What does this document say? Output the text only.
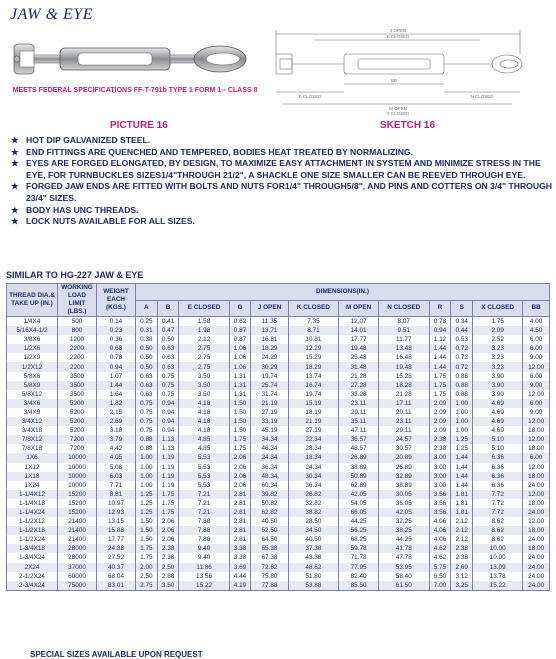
JAW & EYE
MEETS FEDERAL SPECIFICATIONS FF-T-791b TYPE 1 FORM 1-- CLASS 8
J OPEN
K CLOSED
BB
E CLOSED	N CLOSED
M OPEN
X CLOSED
PICTURE 16	SKETCH 16
★ HOT DIP GALVANIZED STEEL.
★ END FITTINGS ARE QUENCHED AND TEMPERED, BODIES HEAT TREATED BY NORMALIZING.
★ EYES ARE FORGED ELONGATED, BY DESIGN, TO MAXIMIZE EASY ATTACHMENT IN SYSTEM AND MINIMIZE STRESS IN THE EYE, FOR TURNBUCKLES SIZES1/4"THROUGH 21/2", A SHACKLE ONE SIZE SMALLER CAN BE REEVED THROUGH EYE.
★ FORGED JAW ENDS ARE FITTED WITH BOLTS AND NUTS FOR1/4" THROUGH5/8", AND PINS AND COTTERS ON 3/4" THROUGH 23/4" SIZES.
★ BODY HAS UNC THREADS.
★ LOCK NUTS AVAILABLE FOR ALL SIZES.
SIMILAR TO HG-227 JAW & EYE
THREAD DIA.& TAKE UP (IN.)	WORKING LOAD LIMIT (LBS.)	WEIGHT EACH (KGS.)	DIMENSIONS(IN.)											
			A	B	E CLOSED	G	J OPEN	K CLOSED	M OPEN	N CLOSED	R	S	X CLOSED	BB
1/4X4	500	0.14	0.25	0.41	1.58	0.62	11.35	7.35	12.07	8.07	0.78	0.34	1.75	4.00
5/16X4-1/2	800	0.23	0.31	0.47	1.98	0.87	13.71	8.71	14.01	9.51	0.94	0.44	2.09	4.50
3/8X6	1200	0.36	0.38	0.50	2.12	0.87	16.81	10.81	17.77	11.77	1.12	0.53	2.52	6.00
1/2X6	2200	0.68	0.50	0.63	2.75	1.06	18.29	12.29	19.48	13.48	1.44	0.72	3.23	6.00
1/2X9	2200	0.78	0.50	0.63	2.75	1.06	24.29	15.29	25.48	16.48	1.44	0.72	3.23	9.00
1/2X12	2200	0.94	0.50	0.63	2.75	1.06	30.29	18.29	31.48	19.48	1.44	0.72	3.23	12.00
5/8X6	3500	1.07	0.63	0.75	3.50	1.31	19.74	13.74	21.28	15.28	1.75	0.88	3.90	6.00
5/8X9	3500	1.44	0.63	0.75	3.50	1.31	25.74	16.74	27.28	18.28	1.75	0.88	3.90	9.00
5/8X12	3500	1.64	0.63	0.75	3.50	1.31	31.74	19.74	33.28	21.28	1.75	0.88	3.90	12.00
3/4X6	5200	1.82	0.75	0.94	4.18	1.50	21.19	15.19	23.11	17.11	2.09	1.00	4.69	6.00
3/4X9	5200	2.15	0.75	0.94	4.18	1.50	27.19	18.19	29.11	20.11	2.09	1.00	4.69	9.00
3/4X12	5200	2.69	0.75	0.94	4.18	1.50	33.19	21.19	35.11	23.11	2.09	1.00	4.69	12.00
3/4X18	5200	3.18	0.75	0.94	4.18	1.50	45.19	27.19	47.11	29.11	2.09	1.00	4.69	18.00
7/8X12	7200	3.79	0.88	1.13	4.85	1.75	34.34	22.34	36.57	24.57	2.38	1.25	5.10	12.00
7/8X18	7200	4.42	0.88	1.13	4.85	1.75	46.34	28.34	48.57	30.57	2.38	1.25	5.10	18.00
1X6	10000	4.05	1.00	1.19	5.53	2.06	24.34	18.34	26.89	20.89	3.00	1.44	6.36	6.00
1X12	10000	5.08	1.00	1.19	5.53	2.06	36.34	24.34	38.89	26.89	3.00	1.44	6.36	12.00
1X18	10000	6.03	1.00	1.19	5.53	2.06	48.34	30.34	50.89	32.89	3.00	1.44	6.36	18.00
1X24	10000	7.71	1.00	1.19	5.53	2.06	60.34	36.34	62.89	38.89	3.00	1.44	6.36	24.00
1-1/4X12	15200	8.81	1.25	1.75	7.21	2.81	39.82	26.82	42.05	30.05	3.56	1.81	7.72	12.00
1-1/4X18	15200	10.97	1.25	1.75	7.21	2.81	50.82	32.82	54.05	36.05	3.56	1.81	7.72	18.00
1-1/4X24	15200	12.93	1.25	1.75	7.21	2.81	62.82	38.82	66.05	42.05	3.56	1.81	7.72	24.00
1-1/2X12	21400	13.15	1.50	2.06	7.88	2.81	40.50	28.50	44.25	32.25	4.06	2.12	8.62	12.00
1-1/2X18	21400	15.88	1.50	2.06	7.88	2.81	52.50	34.50	56.25	38.25	4.06	2.12	8.62	18.00
1-1/2X24	21400	17.77	1.50	2.06	7.88	2.81	64.50	40.50	68.25	44.25	4.06	2.12	8.62	24.00
1-3/4X18	28000	24.38	1.75	2.38	9.40	3.38	55.38	37.38	59.78	41.78	4.62	2.38	10.00	18.00
1-3/4X24	28000	27.52	1.75	2.38	9.40	3.38	67.38	43.38	71.78	47.78	4.62	2.38	10.00	24.00
2X24	37000	40.37	2.00	2.50	11.86	3.69	72.62	48.62	77.95	53.95	5.75	2.69	13.09	24.00
2-1/2X24	60000	68.04	2.50	2.88	13.56	4.44	75.80	51.80	82.40	58.40	6.50	3.12	13.78	24.00
2-3/4X24	75000	83.01	2.75	3.50	15.22	4.19	77.88	53.88	85.50	61.50	7.00	3.25	15.22	24.00
SPECIAL SIZES AVAILABLE UPON REQUEST
